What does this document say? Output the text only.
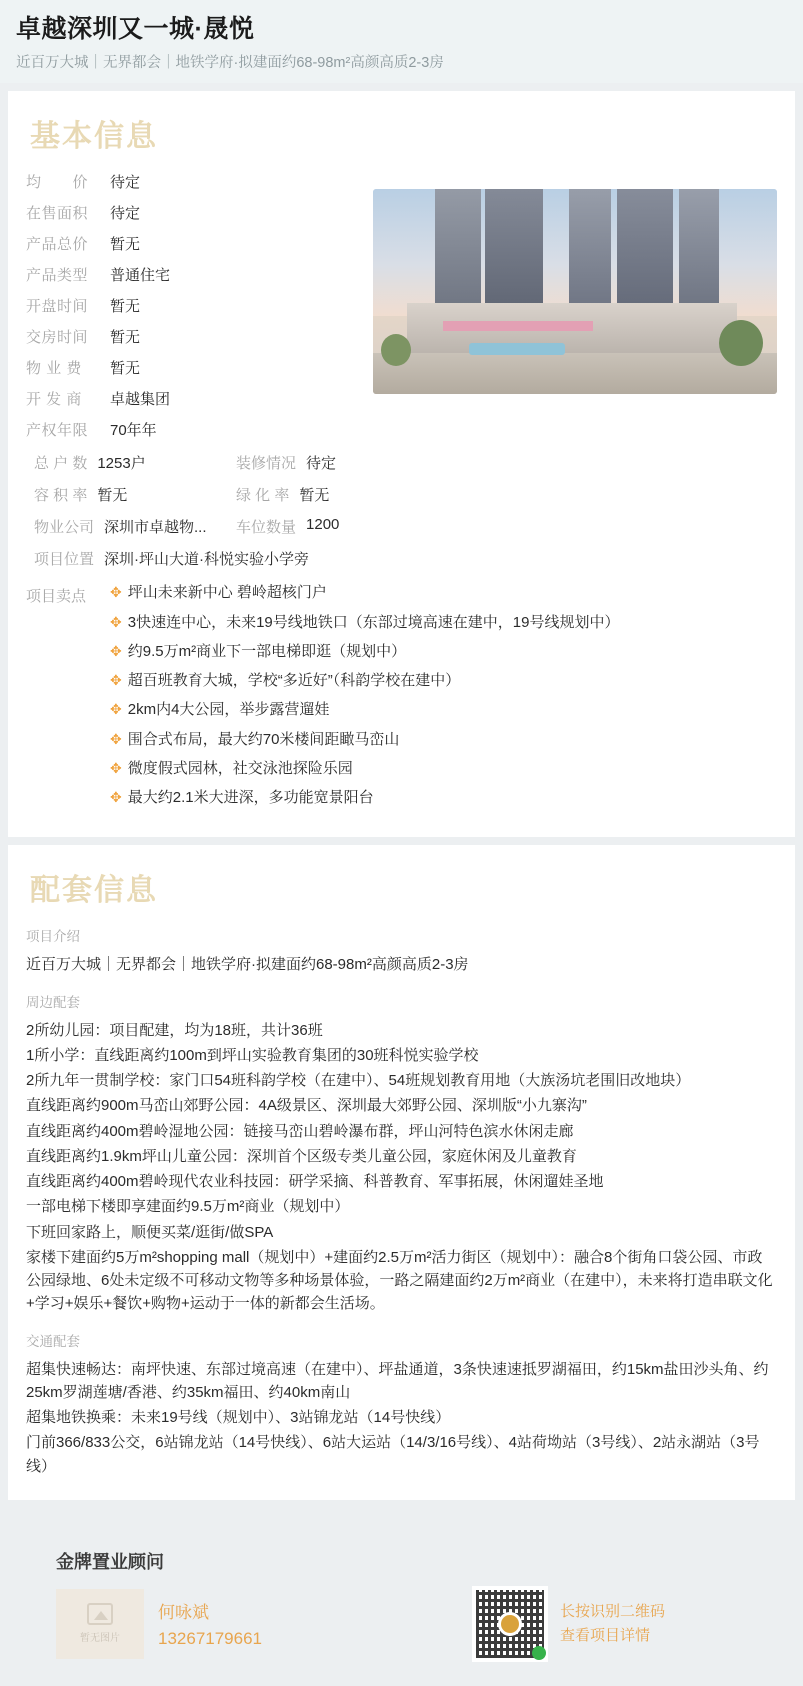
卓越深圳又一城·晟悦
近百万大城｜无界都会｜地铁学府·拟建面约68-98m²高颜高质2-3房
基本信息
均　　价	待定
在售面积	待定
产品总价	暂无
产品类型	普通住宅
开盘时间	暂无
交房时间	暂无
物 业 费	暂无
开 发 商	卓越集团
产权年限	70年年
总 户 数 1253户	装修情况 待定
容 积 率 暂无	绿 化 率 暂无
物业公司 深圳市卓越物... 车位数量 1200
项目位置 深圳·坪山大道·科悦实验小学旁
项目卖点	✥ 坪山未来新中心 碧岭超核门户
✥ 3快速连中心，未来19号线地铁口（东部过境高速在建中，19号线规划中）
✥ 约9.5万m²商业下一部电梯即逛（规划中）
✥ 超百班教育大城，学校“多近好”（科韵学校在建中）
✥ 2km内4大公园，举步露营遛娃
✥ 围合式布局，最大约70米楼间距瞰马峦山
✥ 微度假式园林，社交泳池探险乐园
✥ 最大约2.1米大进深，多功能宽景阳台
配套信息
项目介绍

近百万大城｜无界都会｜地铁学府·拟建面约68-98m²高颜高质2-3房

周边配套

2所幼儿园：项目配建，均为18班，共计36班

1所小学：直线距离约100m到坪山实验教育集团的30班科悦实验学校

2所九年一贯制学校：家门口54班科韵学校（在建中）、54班规划教育用地（大族汤坑老围旧改地块）

直线距离约900m马峦山郊野公园：4A级景区、深圳最大郊野公园、深圳版“小九寨沟”

直线距离约400m碧岭湿地公园：链接马峦山碧岭瀑布群，坪山河特色滨水休闲走廊

直线距离约1.9km坪山儿童公园：深圳首个区级专类儿童公园，家庭休闲及儿童教育

直线距离约400m碧岭现代农业科技园：研学采摘、科普教育、军事拓展，休闲遛娃圣地

一部电梯下楼即享建面约9.5万m²商业（规划中）

下班回家路上，顺便买菜/逛街/做SPA

家楼下建面约5万m²shopping mall（规划中）+建面约2.5万m²活力街区（规划中）：融合8个街角口袋公园、市政公园绿地、6处未定级不可移动文物等多种场景体验，一路之隔建面约2万m²商业（在建中），未来将打造串联文化+学习+娱乐+餐饮+购物+运动于一体的新都会生活场。

交通配套

超集快速畅达：南坪快速、东部过境高速（在建中）、坪盐通道，3条快速速抵罗湖福田，约15km盐田沙头角、约25km罗湖莲塘/香港、约35km福田、约40km南山

超集地铁换乘：未来19号线（规划中）、3站锦龙站（14号快线）

门前366/833公交，6站锦龙站（14号快线）、6站大运站（14/3/16号线）、4站荷坳站（3号线）、2站永湖站（3号线）

金牌置业顾问
暂无图片
何咏斌
13267179661
长按识别二维码
查看项目详情
